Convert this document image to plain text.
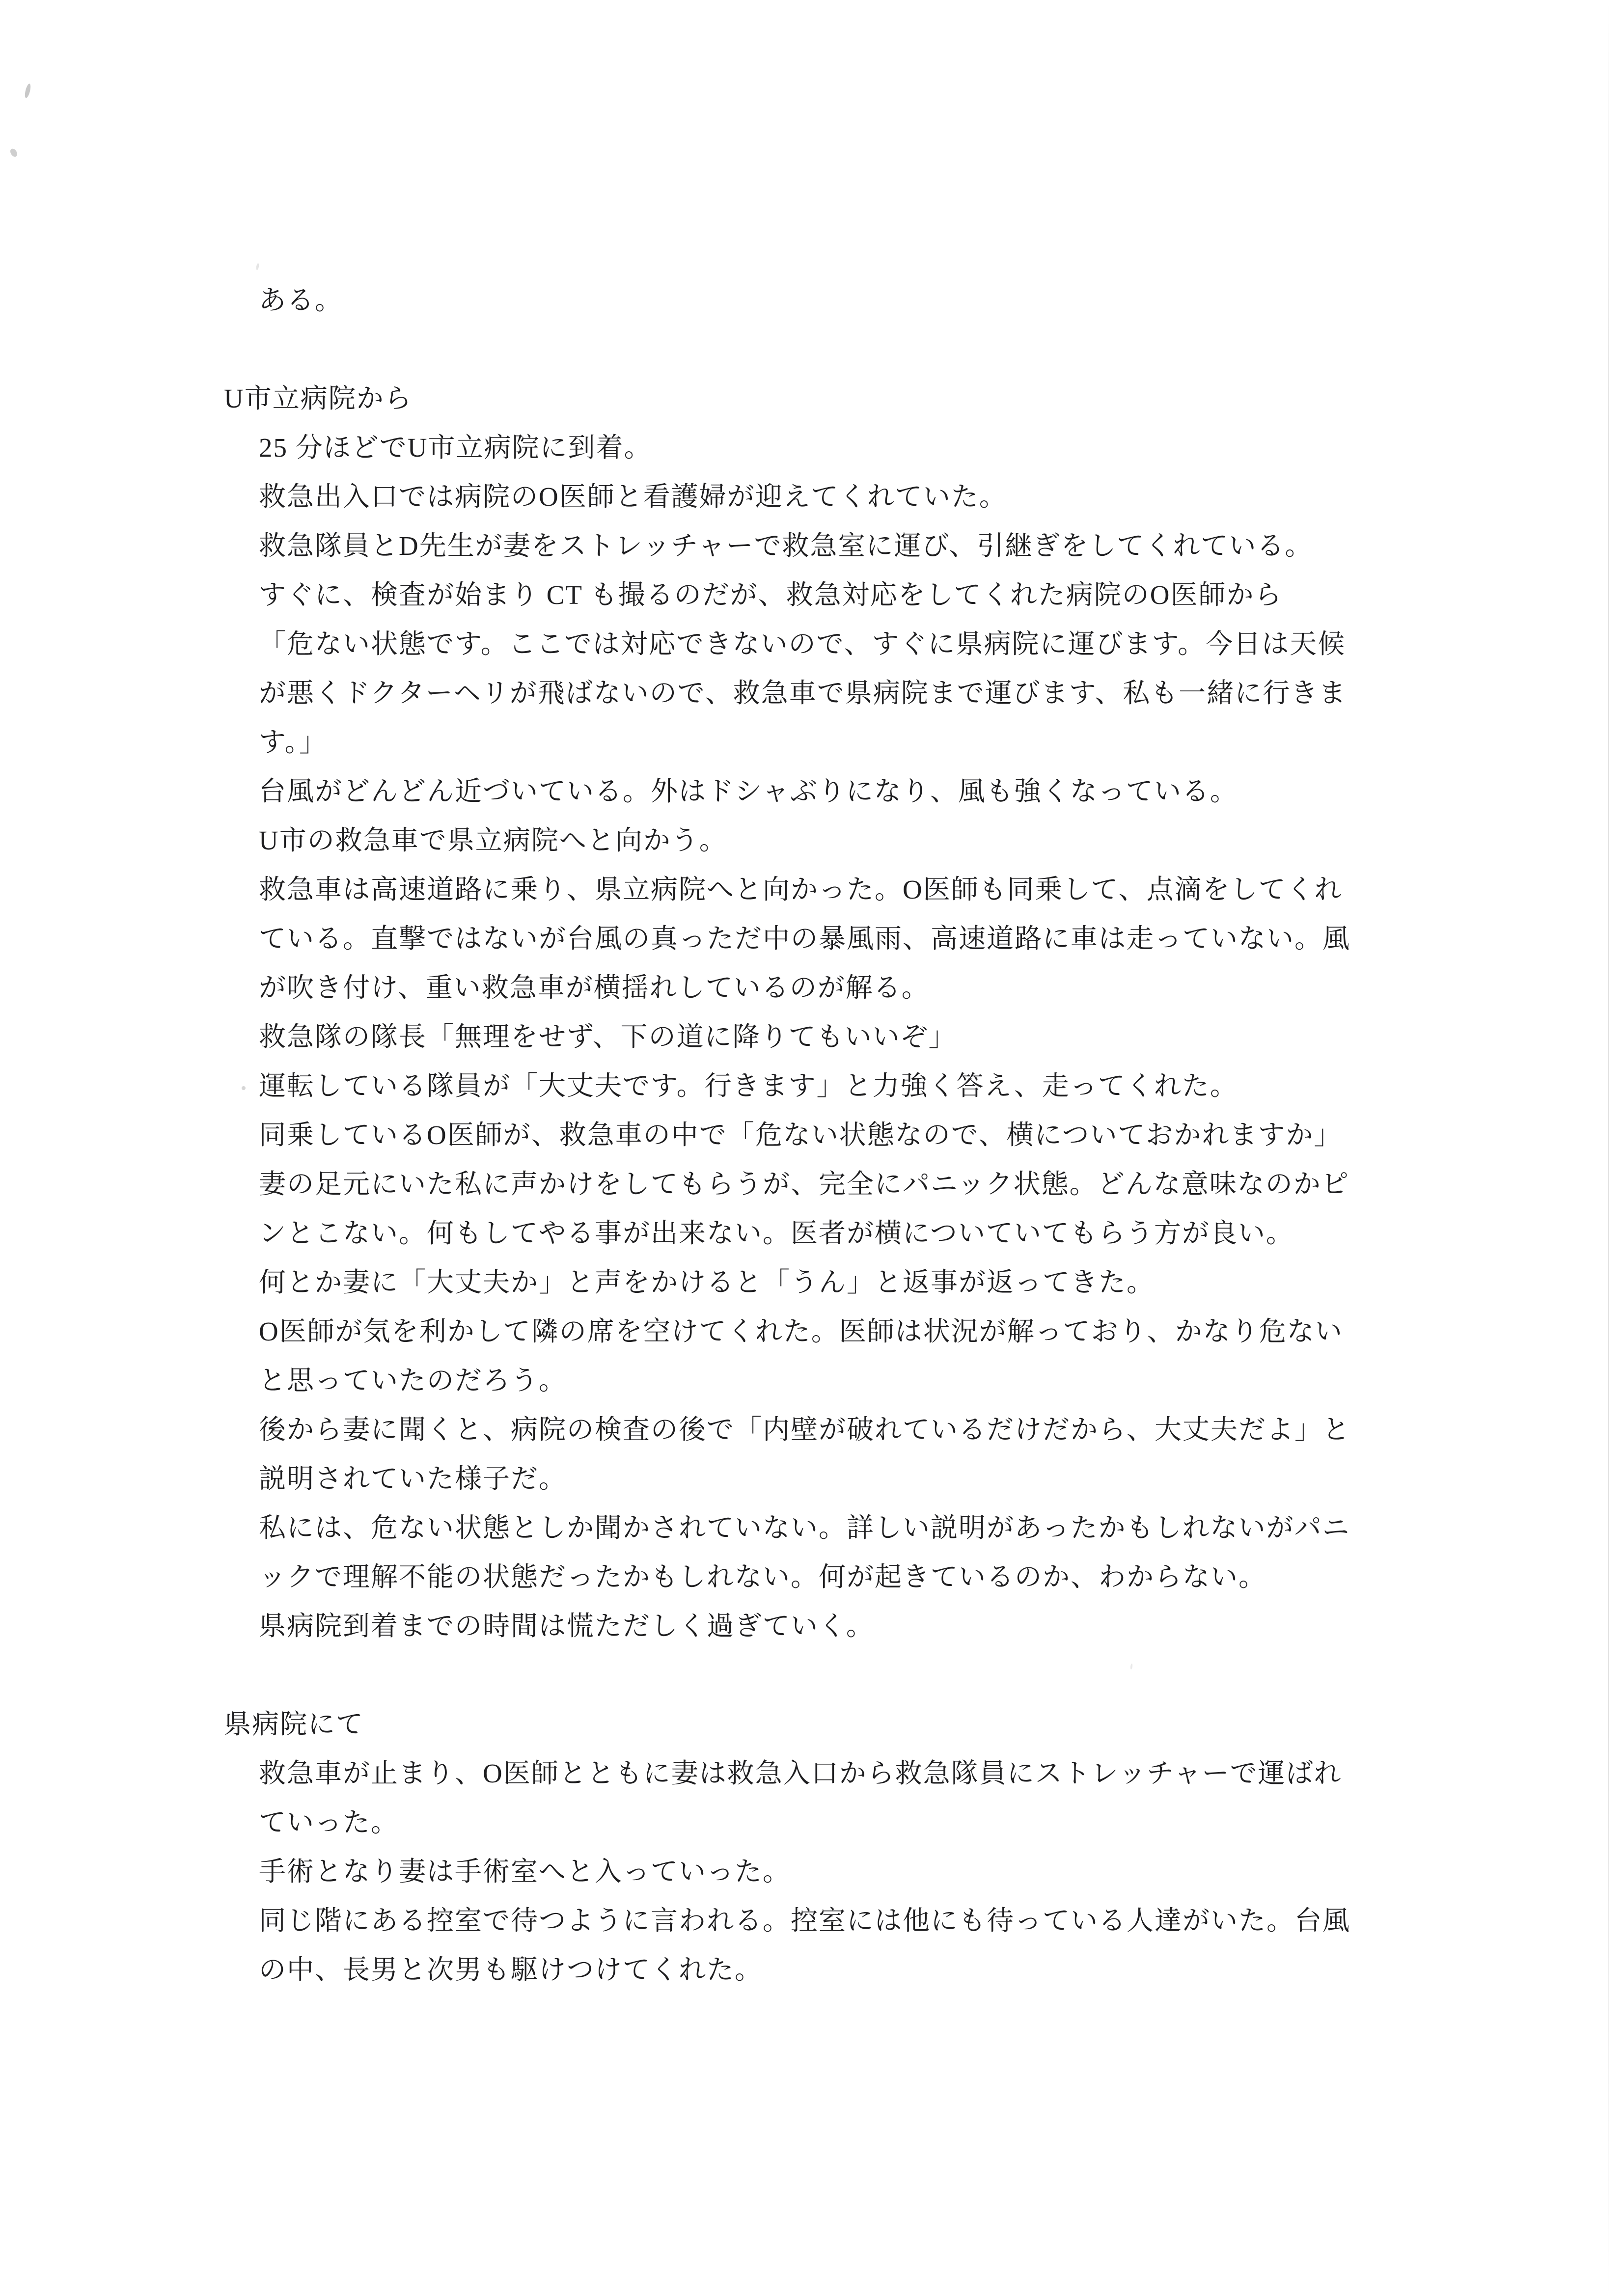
ある。
U市立病院から
25 分ほどでU市立病院に到着。
救急出入口では病院のO医師と看護婦が迎えてくれていた。
救急隊員とD先生が妻をストレッチャーで救急室に運び、引継ぎをしてくれている。
すぐに、検査が始まり CT も撮るのだが、救急対応をしてくれた病院のO医師から
「危ない状態です。ここでは対応できないので、すぐに県病院に運びます。今日は天候
が悪くドクターヘリが飛ばないので、救急車で県病院まで運びます、私も一緒に行きま
す。」
台風がどんどん近づいている。外はドシャぶりになり、風も強くなっている。
U市の救急車で県立病院へと向かう。
救急車は高速道路に乗り、県立病院へと向かった。O医師も同乗して、点滴をしてくれ
ている。直撃ではないが台風の真っただ中の暴風雨、高速道路に車は走っていない。風
が吹き付け、重い救急車が横揺れしているのが解る。
救急隊の隊長「無理をせず、下の道に降りてもいいぞ」
運転している隊員が「大丈夫です。行きます」と力強く答え、走ってくれた。
同乗しているO医師が、救急車の中で「危ない状態なので、横についておかれますか」
妻の足元にいた私に声かけをしてもらうが、完全にパニック状態。どんな意味なのかピ
ンとこない。何もしてやる事が出来ない。医者が横についていてもらう方が良い。
何とか妻に「大丈夫か」と声をかけると「うん」と返事が返ってきた。
O医師が気を利かして隣の席を空けてくれた。医師は状況が解っており、かなり危ない
と思っていたのだろう。
後から妻に聞くと、病院の検査の後で「内壁が破れているだけだから、大丈夫だよ」と
説明されていた様子だ。
私には、危ない状態としか聞かされていない。詳しい説明があったかもしれないがパニ
ックで理解不能の状態だったかもしれない。何が起きているのか、わからない。
県病院到着までの時間は慌ただしく過ぎていく。
県病院にて
救急車が止まり、O医師とともに妻は救急入口から救急隊員にストレッチャーで運ばれ
ていった。
手術となり妻は手術室へと入っていった。
同じ階にある控室で待つように言われる。控室には他にも待っている人達がいた。台風
の中、長男と次男も駆けつけてくれた。
